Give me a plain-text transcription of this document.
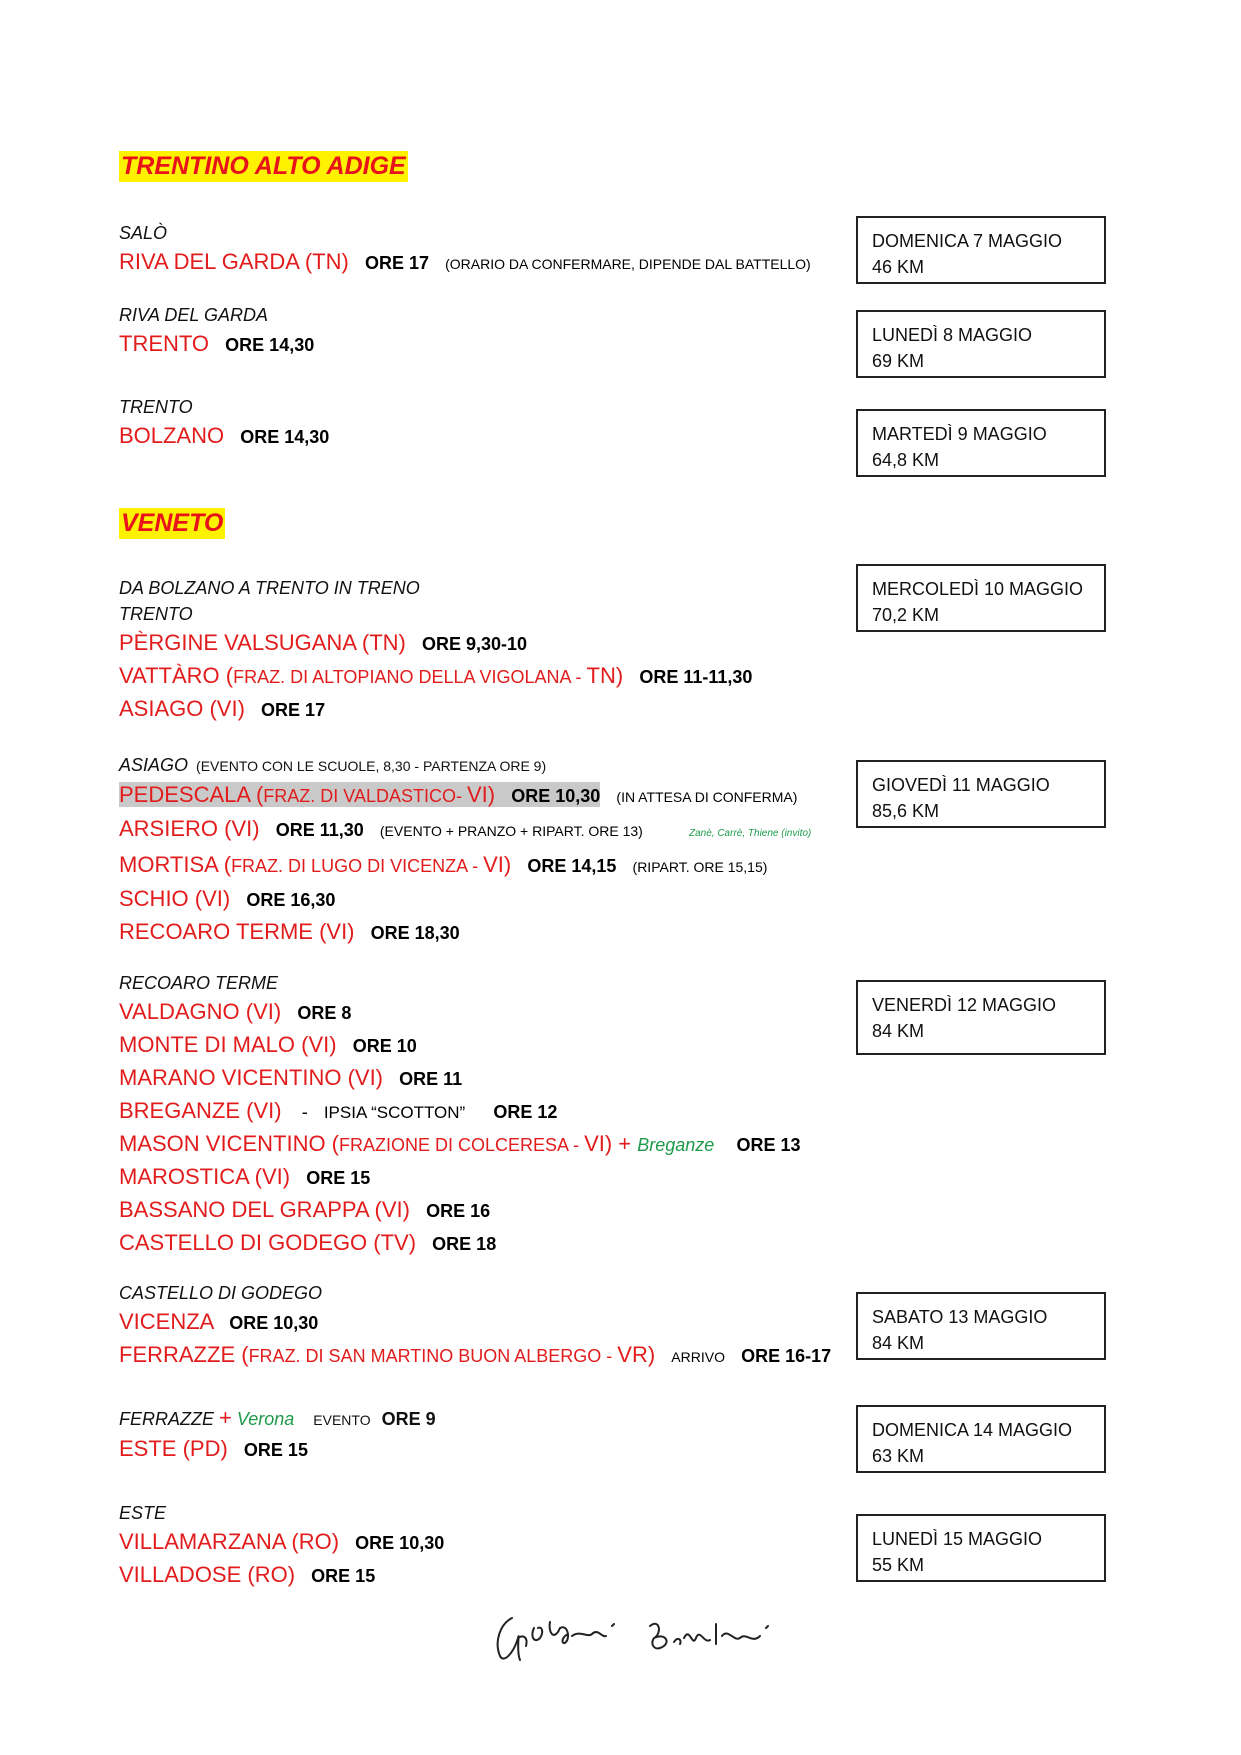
TRENTINO ALTO ADIGE
VENETO
SALÒ
RIVA DEL GARDA (TN) ORE 17 (ORARIO DA CONFERMARE, DIPENDE DAL BATTELLO)
DOMENICA 7 MAGGIO
46 KM
RIVA DEL GARDA
TRENTO ORE 14,30	LUNEDÌ 8 MAGGIO
69 KM
TRENTO
BOLZANO ORE 14,30	MARTEDÌ 9 MAGGIO
64,8 KM
DA BOLZANO A TRENTO IN TRENO
TRENTO
PÈRGINE VALSUGANA (TN) ORE 9,30-10
VATTÀRO (FRAZ. DI ALTOPIANO DELLA VIGOLANA - TN) ORE 11-11,30
ASIAGO (VI) ORE 17
MERCOLEDÌ 10 MAGGIO
70,2 KM
ASIAGO (EVENTO CON LE SCUOLE, 8,30 - PARTENZA ORE 9)
PEDESCALA (FRAZ. DI VALDASTICO- VI) ORE 10,30 (IN ATTESA DI CONFERMA)
ARSIERO (VI) ORE 11,30 (EVENTO + PRANZO + RIPART. ORE 13)	Zanè, Carrè, Thiene (invito)
MORTISA (FRAZ. DI LUGO DI VICENZA - VI) ORE 14,15 (RIPART. ORE 15,15)
SCHIO (VI) ORE 16,30
RECOARO TERME (VI) ORE 18,30
GIOVEDÌ 11 MAGGIO
85,6 KM
RECOARO TERME
VALDAGNO (VI) ORE 8
MONTE DI MALO (VI) ORE 10
MARANO VICENTINO (VI) ORE 11
BREGANZE (VI) - IPSIA “SCOTTON” ORE 12
MASON VICENTINO (FRAZIONE DI COLCERESA - VI) + Breganze ORE 13
MAROSTICA (VI) ORE 15
BASSANO DEL GRAPPA (VI) ORE 16
CASTELLO DI GODEGO (TV) ORE 18
VENERDÌ 12 MAGGIO
84 KM
CASTELLO DI GODEGO
VICENZA ORE 10,30
FERRAZZE (FRAZ. DI SAN MARTINO BUON ALBERGO - VR) ARRIVO ORE 16-17
SABATO 13 MAGGIO
84 KM
FERRAZZE + Verona EVENTO ORE 9
ESTE (PD) ORE 15
DOMENICA 14 MAGGIO
63 KM
ESTE
VILLAMARZANA (RO) ORE 10,30
VILLADOSE (RO) ORE 15
LUNEDÌ 15 MAGGIO
55 KM
